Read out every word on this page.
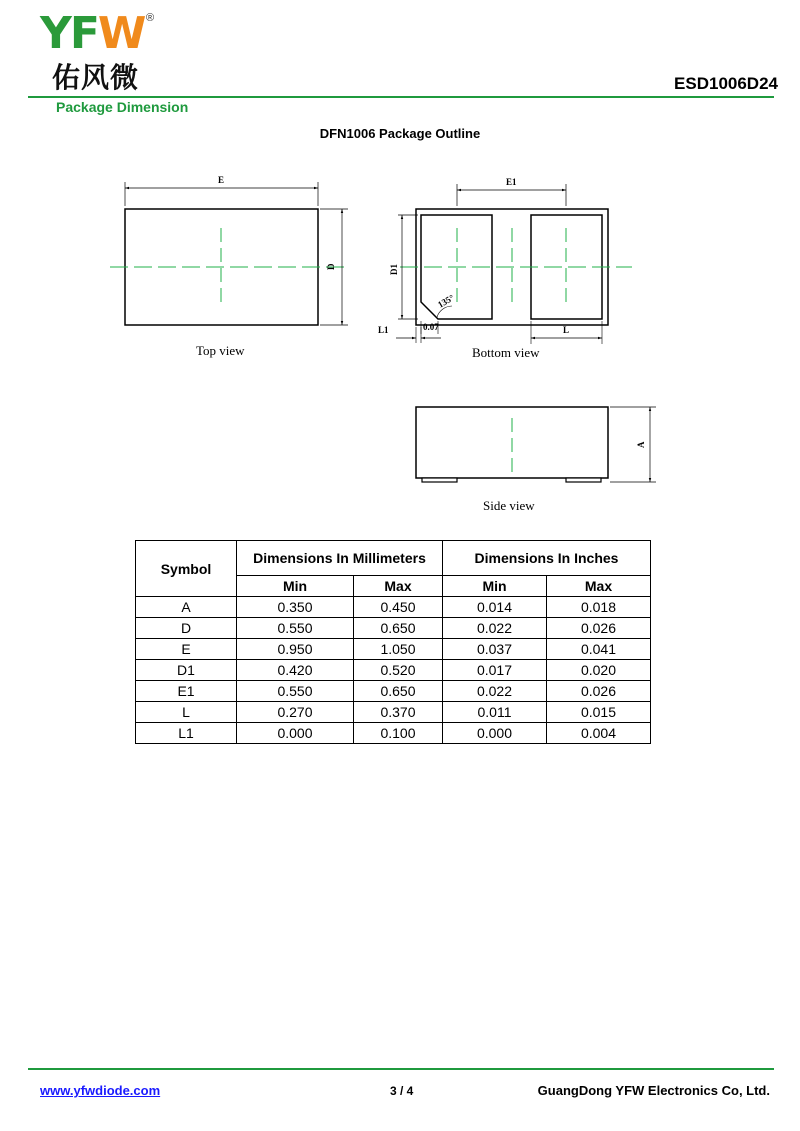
YFW ®
佑风微	ESD1006D24
Package Dimension
DFN1006 Package Outline
E
D
Top view
E1
D1
135°
0.07
L1	L
Bottom view
A
Side view
Symbol	Dimensions In Millimeters		Dimensions In Inches	
	Min	Max	Min	Max
A	0.350	0.450	0.014	0.018
D	0.550	0.650	0.022	0.026
E	0.950	1.050	0.037	0.041
D1	0.420	0.520	0.017	0.020
E1	0.550	0.650	0.022	0.026
L	0.270	0.370	0.011	0.015
L1	0.000	0.100	0.000	0.004
www.yfwdiode.com	3 / 4	GuangDong YFW Electronics Co, Ltd.
